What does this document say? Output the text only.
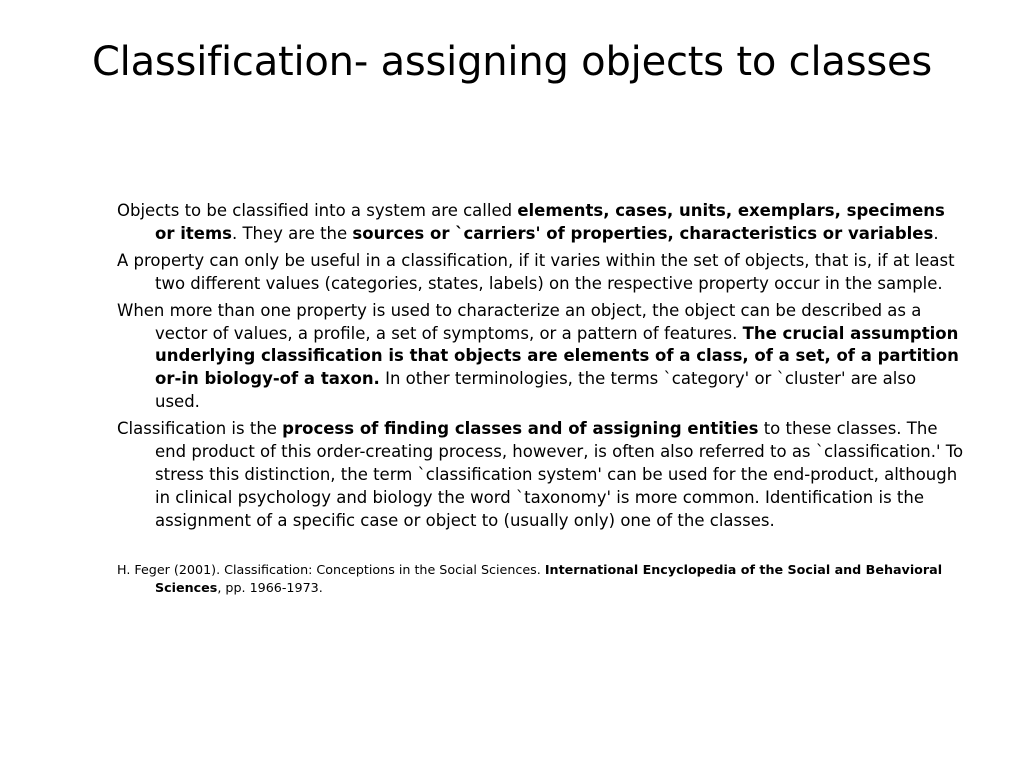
Classification- assigning objects to classes

Objects to be classified into a system are called elements, cases, units, exemplars, specimens or items. They are the sources or `carriers' of properties, characteristics or variables.

A property can only be useful in a classification, if it varies within the set of objects, that is, if at least two different values (categories, states, labels) on the respective property occur in the sample.

When more than one property is used to characterize an object, the object can be described as a vector of values, a profile, a set of symptoms, or a pattern of features. The crucial assumption underlying classification is that objects are elements of a class, of a set, of a partition or-in biology-of a taxon. In other terminologies, the terms `category' or `cluster' are also used.

Classification is the process of finding classes and of assigning entities to these classes. The end product of this order-creating process, however, is often also referred to as `classification.' To stress this distinction, the term `classification system' can be used for the end-product, although in clinical psychology and biology the word `taxonomy' is more common. Identification is the assignment of a specific case or object to (usually only) one of the classes.

H. Feger (2001). Classification: Conceptions in the Social Sciences. International Encyclopedia of the Social and Behavioral Sciences, pp. 1966-1973.
